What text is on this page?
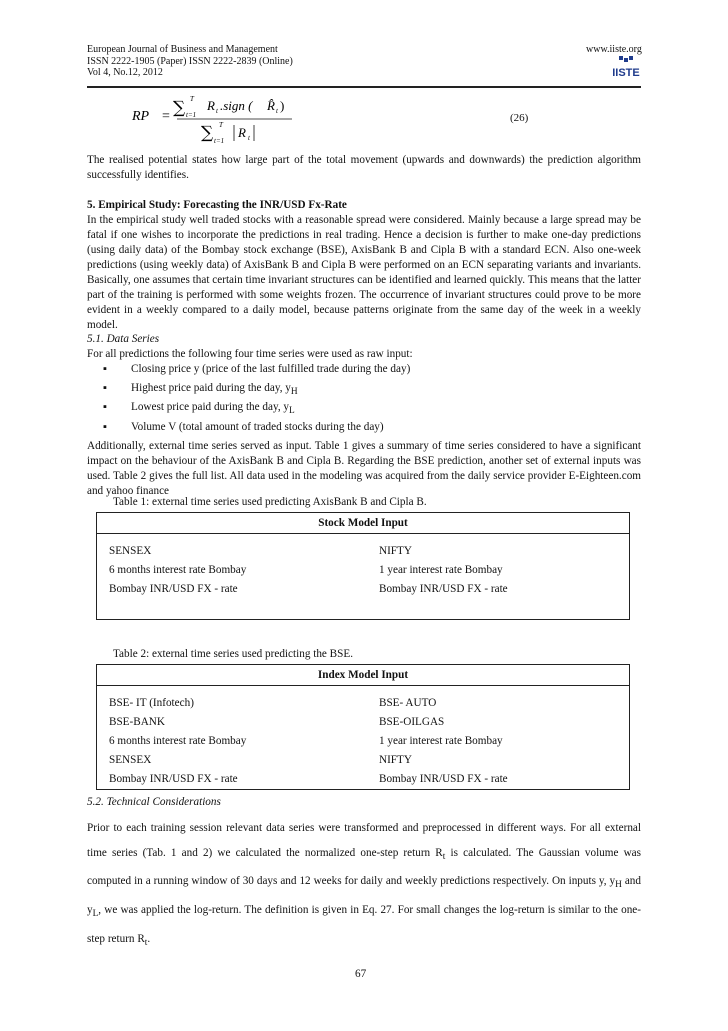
European Journal of Business and Management
ISSN 2222-1905 (Paper) ISSN 2222-2839 (Online)
Vol 4, No.12, 2012
www.iiste.org
IISTE
RP = ∑ T
t=1
R t .sign ( R̂ t )
∑ T
t=1
R t
(26)
The realised potential states how large part of the total movement (upwards and downwards) the prediction algorithm successfully identifies.
5. Empirical Study: Forecasting the INR/USD Fx-Rate
In the empirical study well traded stocks with a reasonable spread were considered. Mainly because a large spread may be fatal if one wishes to incorporate the predictions in real trading. Hence a decision is further to make one-day predictions (using daily data) of the Bombay stock exchange (BSE), AxisBank B and Cipla B with a standard ECN. Also one-week predictions (using weekly data) of AxisBank B and Cipla B were performed on an ECN separating variants and invariants. Basically, one assumes that certain time invariant structures can be identified and learned quickly. This means that the latter part of the training is performed with some weights frozen. The occurrence of invariant structures could prove to be more evident in a weekly compared to a daily model, because patterns originate from the same day of the week in a weekly model.
5.1. Data Series
For all predictions the following four time series were used as raw input:
▪ Closing price y (price of the last fulfilled trade during the day)
▪ Highest price paid during the day, $y_H$
▪ Lowest price paid during the day, $y_L$
▪ Volume V (total amount of traded stocks during the day)
Additionally, external time series served as input. Table 1 gives a summary of time series considered to have a significant impact on the behaviour of the AxisBank B and Cipla B. Regarding the BSE prediction, another set of external inputs was used. Table 2 gives the full list. All data used in the modeling was acquired from the daily service provider E-Eighteen.com and yahoo finance
Table 1: external time series used predicting AxisBank B and Cipla B.
Stock Model Input
SENSEX	NIFTY
6 months interest rate Bombay	1 year interest rate Bombay
Bombay INR/USD FX - rate	Bombay INR/USD FX - rate
Table 2: external time series used predicting the BSE.
Index Model Input
BSE- IT (Infotech)	BSE- AUTO
BSE-BANK	BSE-OILGAS
6 months interest rate Bombay	1 year interest rate Bombay
SENSEX	NIFTY
Bombay INR/USD FX - rate	Bombay INR/USD FX - rate
5.2. Technical Considerations
Prior to each training session relevant data series were transformed and preprocessed in different ways. For all external time series (Tab. 1 and 2) we calculated the normalized one-step return $R_t$ is calculated. The Gaussian volume was computed in a running window of 30 days and 12 weeks for daily and weekly predictions respectively. On inputs y, $y_H$ and $y_L$, we was applied the log-return. The definition is given in Eq. 27. For small changes the log-return is similar to the one-step return $R_t$.
67
